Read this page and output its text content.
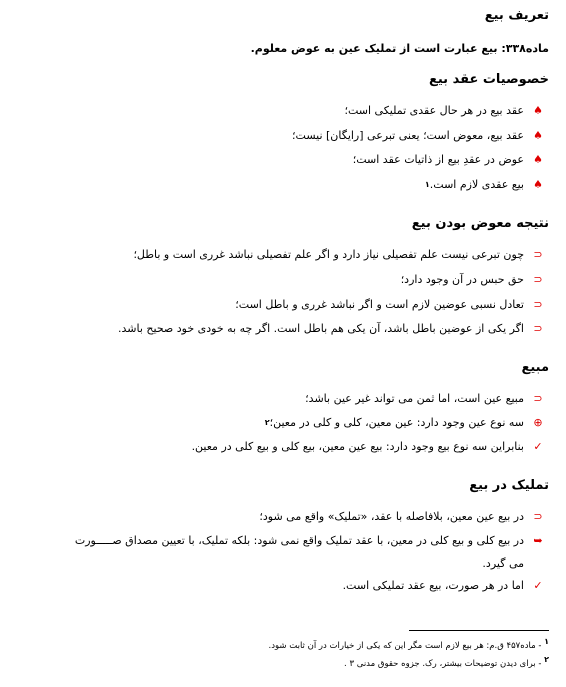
تعریف بیع
ماده۳۳۸: بیع عبارت است از تملیک عین به عوض معلوم.
خصوصیات عقد بیع
♠
عقد بیع در هر حال عقدی تملیکی است؛
♠
عقد بیع، معوض است؛ یعنی تبرعی [رایگان] نیست؛
♠
عوض در عقدِ بیع از ذاتیات عقد است؛
♠
بیع عقدی لازم است.
۱
نتیجه معوض بودن بیع
⊂
چون تبرعی نیست علم تفصیلی نیاز دارد و اگر علم تفصیلی نباشد غرری است و باطل؛
⊂
حق حبس در آن وجود دارد؛
⊂
تعادل نسبی عوضین لازم است و اگر نباشد غرری و باطل است؛
⊂
اگر یکی از عوضین باطل باشد، آن یکی هم باطل است. اگر چه به خودی خود صحیح باشد.
مبیع
⊂
مبیع عین است، اما ثمن می تواند غیر عین باشد؛
⊕
سه نوع عین وجود دارد: عین معین، کلی و کلی در معین؛
۲
✓
بنابراین سه نوع بیع وجود دارد: بیع عین معین، بیع کلی و بیع کلی در معین.
تملیک در بیع
⊂
در بیع عین معین، بلافاصله با عقد، «تملیک» واقع می شود؛
➥
در بیع کلی و بیع کلی در معین، با عقد تملیک واقع نمی شود: بلکه تملیک، با تعیین مصداق صـــــورت
می گیرد.
✓
اما در هر صورت، بیع عقد تملیکی است.
۱ - ماده۴۵۷ ق.م: هر بیع لازم است مگر این که یکی از خیارات در آن ثابت شود.
۲ - برای دیدن توضیحات بیشتر، رک. جزوه حقوق مدنی ۳ .
